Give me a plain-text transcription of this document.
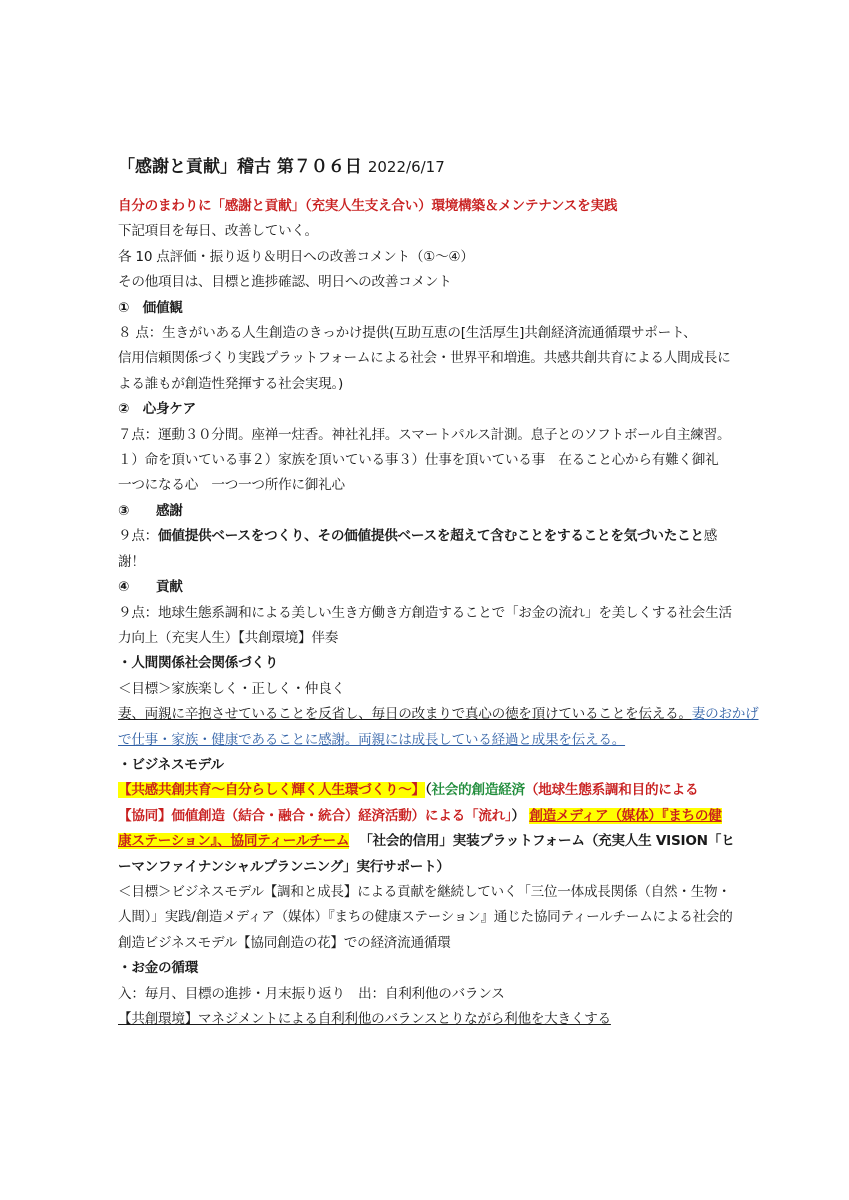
「感謝と貢献」稽古 第７０６日 2022/6/17
自分のまわりに「感謝と貢献」（充実人生支え合い）環境構築＆メンテナンスを実践
下記項目を毎日、改善していく。
各 10 点評価・振り返り＆明日への改善コメント（①～④）
その他項目は、目標と進捗確認、明日への改善コメント
①　価値観
８ 点：生きがいある人生創造のきっかけ提供(互助互恵の[生活厚生]共創経済流通循環サポート、
信用信頼関係づくり実践プラットフォームによる社会・世界平和増進。共感共創共育による人間成長に
よる誰もが創造性発揮する社会実現。)
②　心身ケア
７点：運動３０分間。座禅一炷香。神社礼拝。スマートパルス計測。息子とのソフトボール自主練習。
１）命を頂いている事２）家族を頂いている事３）仕事を頂いている事　在ること心から有難く御礼
一つになる心　一つ一つ所作に御礼心
③　　感謝
９点：価値提供ベースをつくり、その価値提供ベースを超えて含むことをすることを気づいたこと感
謝！
④　　貢献
９点：地球生態系調和による美しい生き方働き方創造することで「お金の流れ」を美しくする社会生活
力向上（充実人生）【共創環境】伴奏
・人間関係社会関係づくり
＜目標＞家族楽しく・正しく・仲良く
妻、両親に辛抱させていることを反省し、毎日の改まりで真心の徳を頂けていることを伝える。妻のおかげ
で仕事・家族・健康であることに感謝。両親には成長している経過と成果を伝える。
・ビジネスモデル
【共感共創共育～自分らしく輝く人生環づくり～】（社会的創造経済（地球生態系調和目的による
【協同】価値創造（結合・融合・統合）経済活動）による「流れ」） 創造メディア（媒体）『まちの健
康ステーション』、協同ティールチーム 「社会的信用」実装プラットフォーム（充実人生 VISION「ヒ
ーマンファイナンシャルプランニング」実行サポート）
＜目標＞ビジネスモデル【調和と成長】による貢献を継続していく「三位一体成長関係（自然・生物・
人間）」実践/創造メディア（媒体）『まちの健康ステーション』通じた協同ティールチームによる社会的
創造ビジネスモデル【協同創造の花】での経済流通循環
・お金の循環
入：毎月、目標の進捗・月末振り返り　出：自利利他のバランス
【共創環境】マネジメントによる自利利他のバランスとりながら利他を大きくする
